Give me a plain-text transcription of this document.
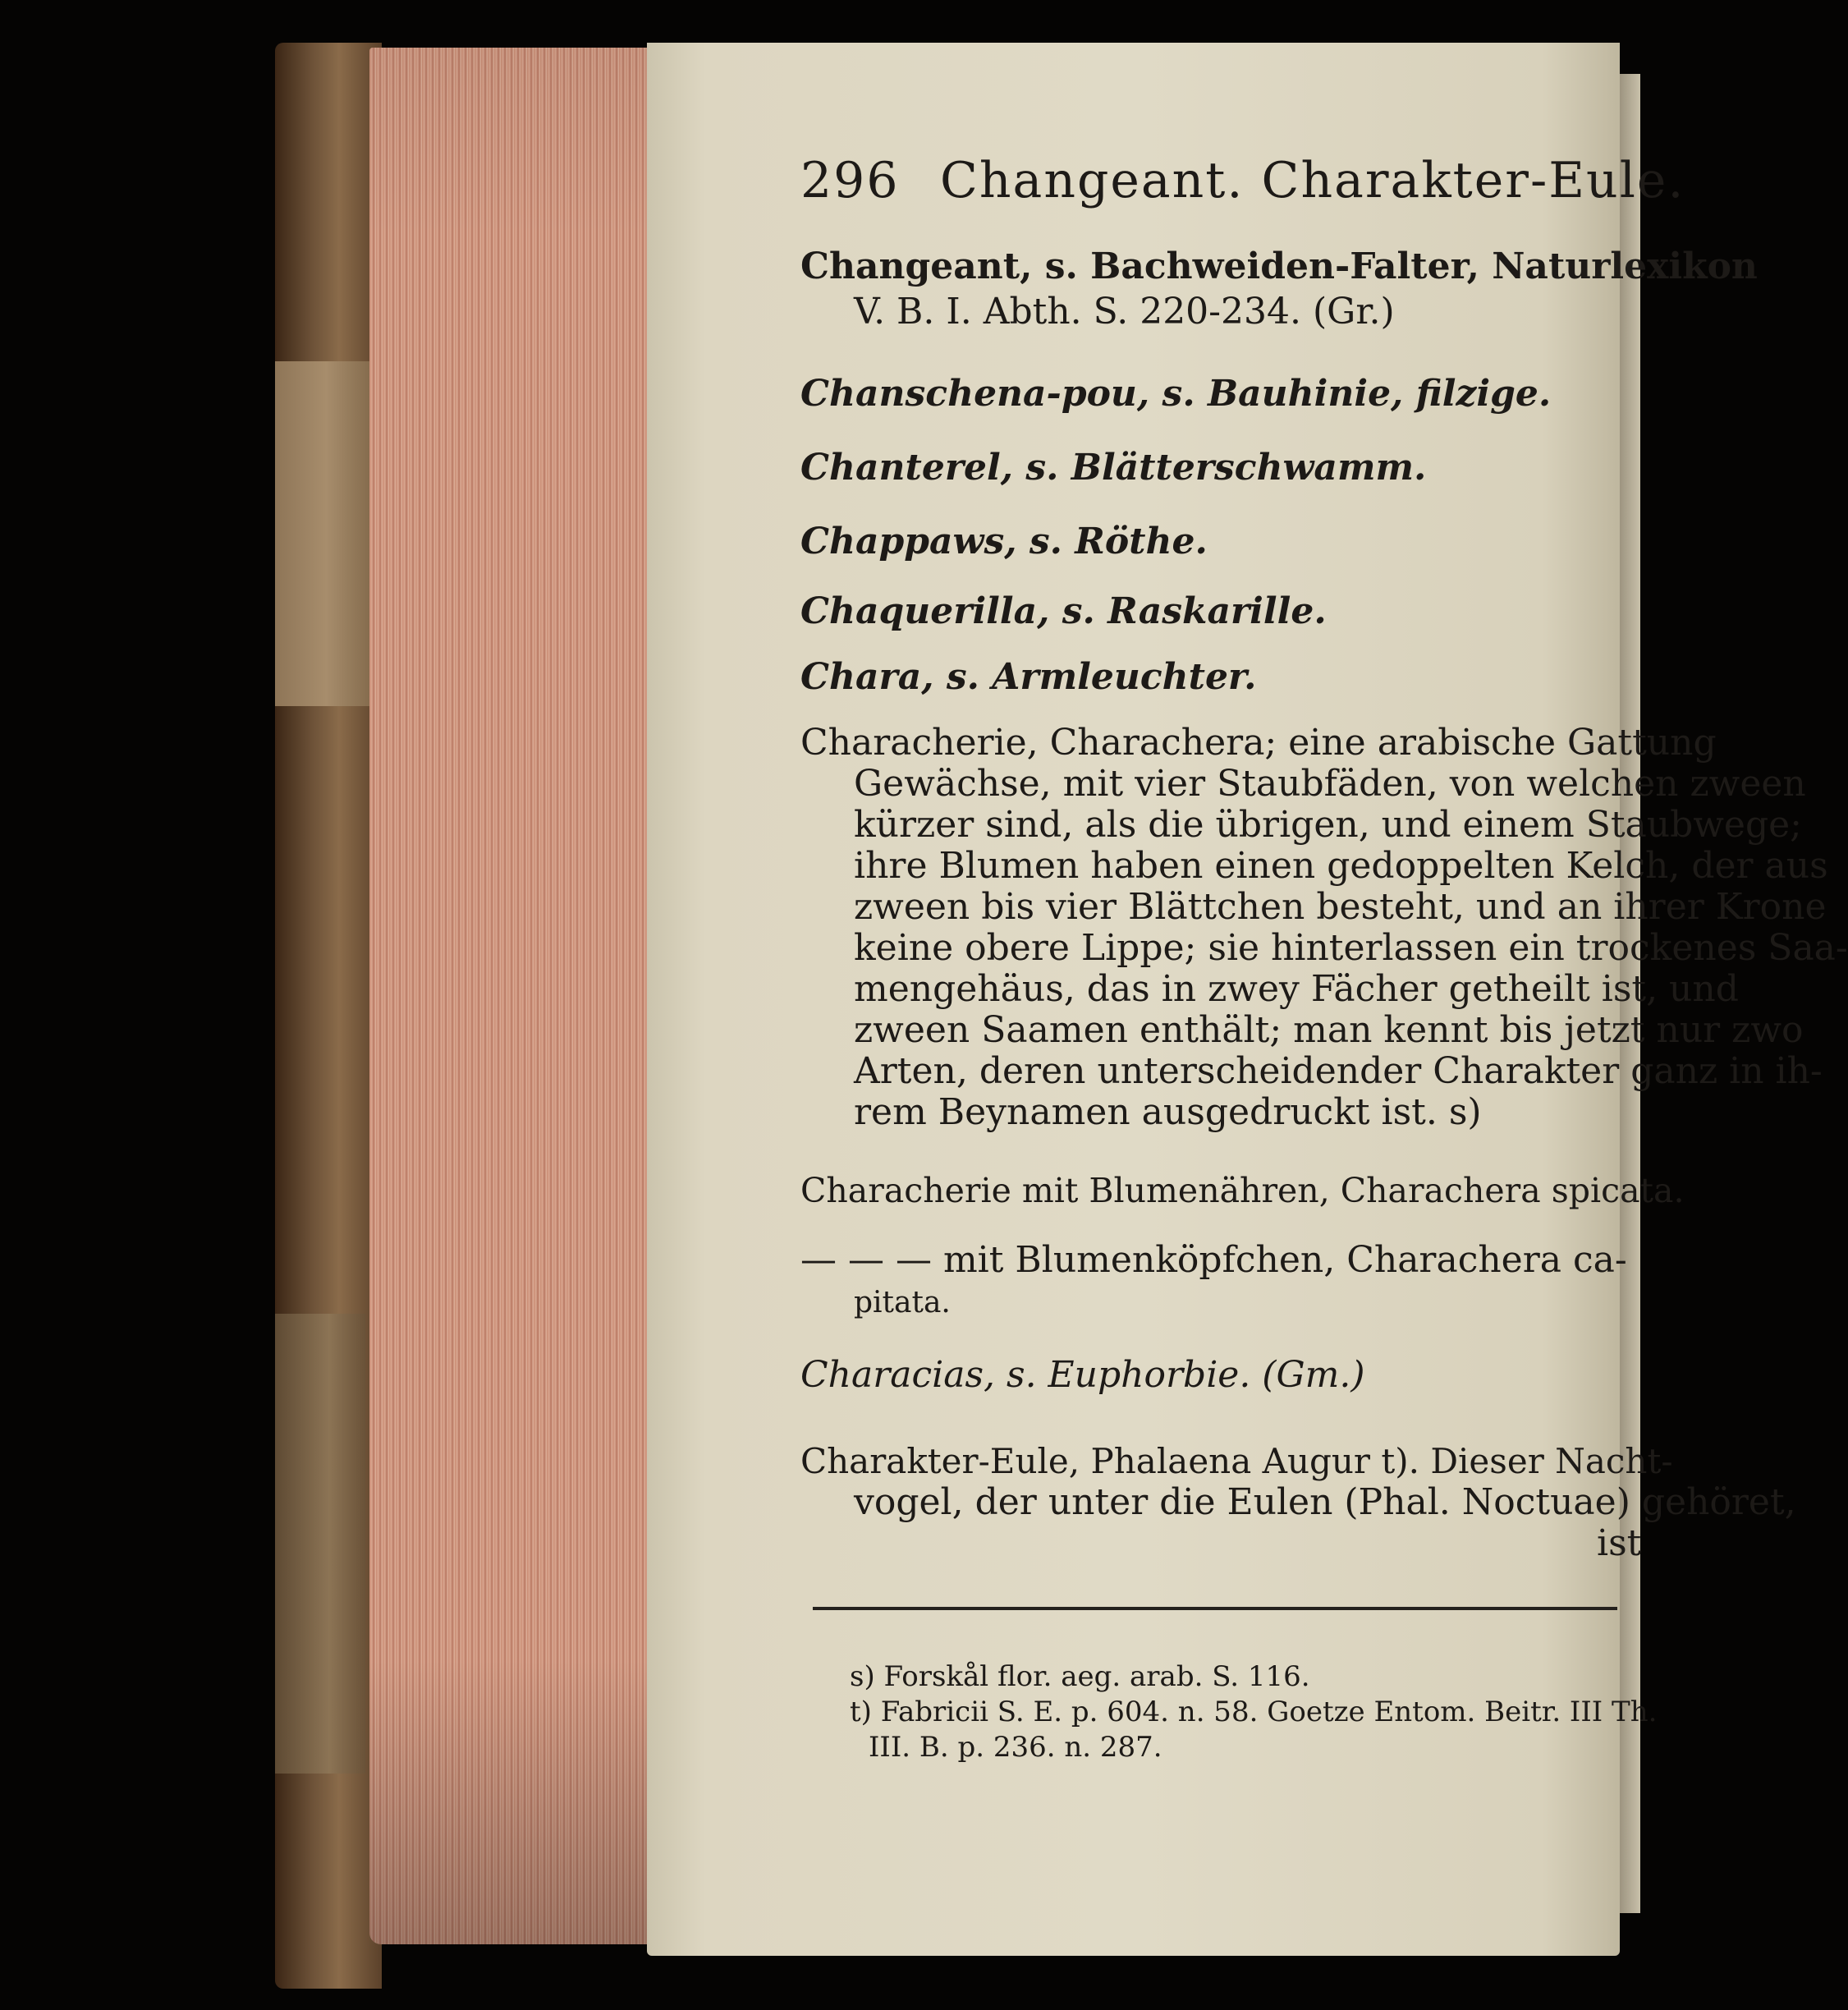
296 Changeant. Charakter-Eule.
Changeant, s. Bachweiden-Falter, Naturlexikon
V. B. I. Abth. S. 220-234. (Gr.)
Chanschena-pou, s. Bauhinie, filzige.
Chanterel, s. Blätterschwamm.
Chappaws, s. Röthe.
Chaquerilla, s. Raskarille.
Chara, s. Armleuchter.
Characherie, Charachera; eine arabische Gattung
Gewächse, mit vier Staubfäden, von welchen zween
kürzer sind, als die übrigen, und einem Staubwege;
ihre Blumen haben einen gedoppelten Kelch, der aus
zween bis vier Blättchen besteht, und an ihrer Krone
keine obere Lippe; sie hinterlassen ein trockenes Saa-
mengehäus, das in zwey Fächer getheilt ist, und
zween Saamen enthält; man kennt bis jetzt nur zwo
Arten, deren unterscheidender Charakter ganz in ih-
rem Beynamen ausgedruckt ist. s)
Characherie mit Blumenähren, Charachera spicata.
— — — mit Blumenköpfchen, Charachera ca-
pitata.
Characias, s. Euphorbie. (Gm.)
Charakter-Eule, Phalaena Augur t). Dieser Nacht-
vogel, der unter die Eulen (Phal. Noctuae) gehöret,
ist
s) Forskål flor. aeg. arab. S. 116.
t) Fabricii S. E. p. 604. n. 58. Goetze Entom. Beitr. III Th.
III. B. p. 236. n. 287.
